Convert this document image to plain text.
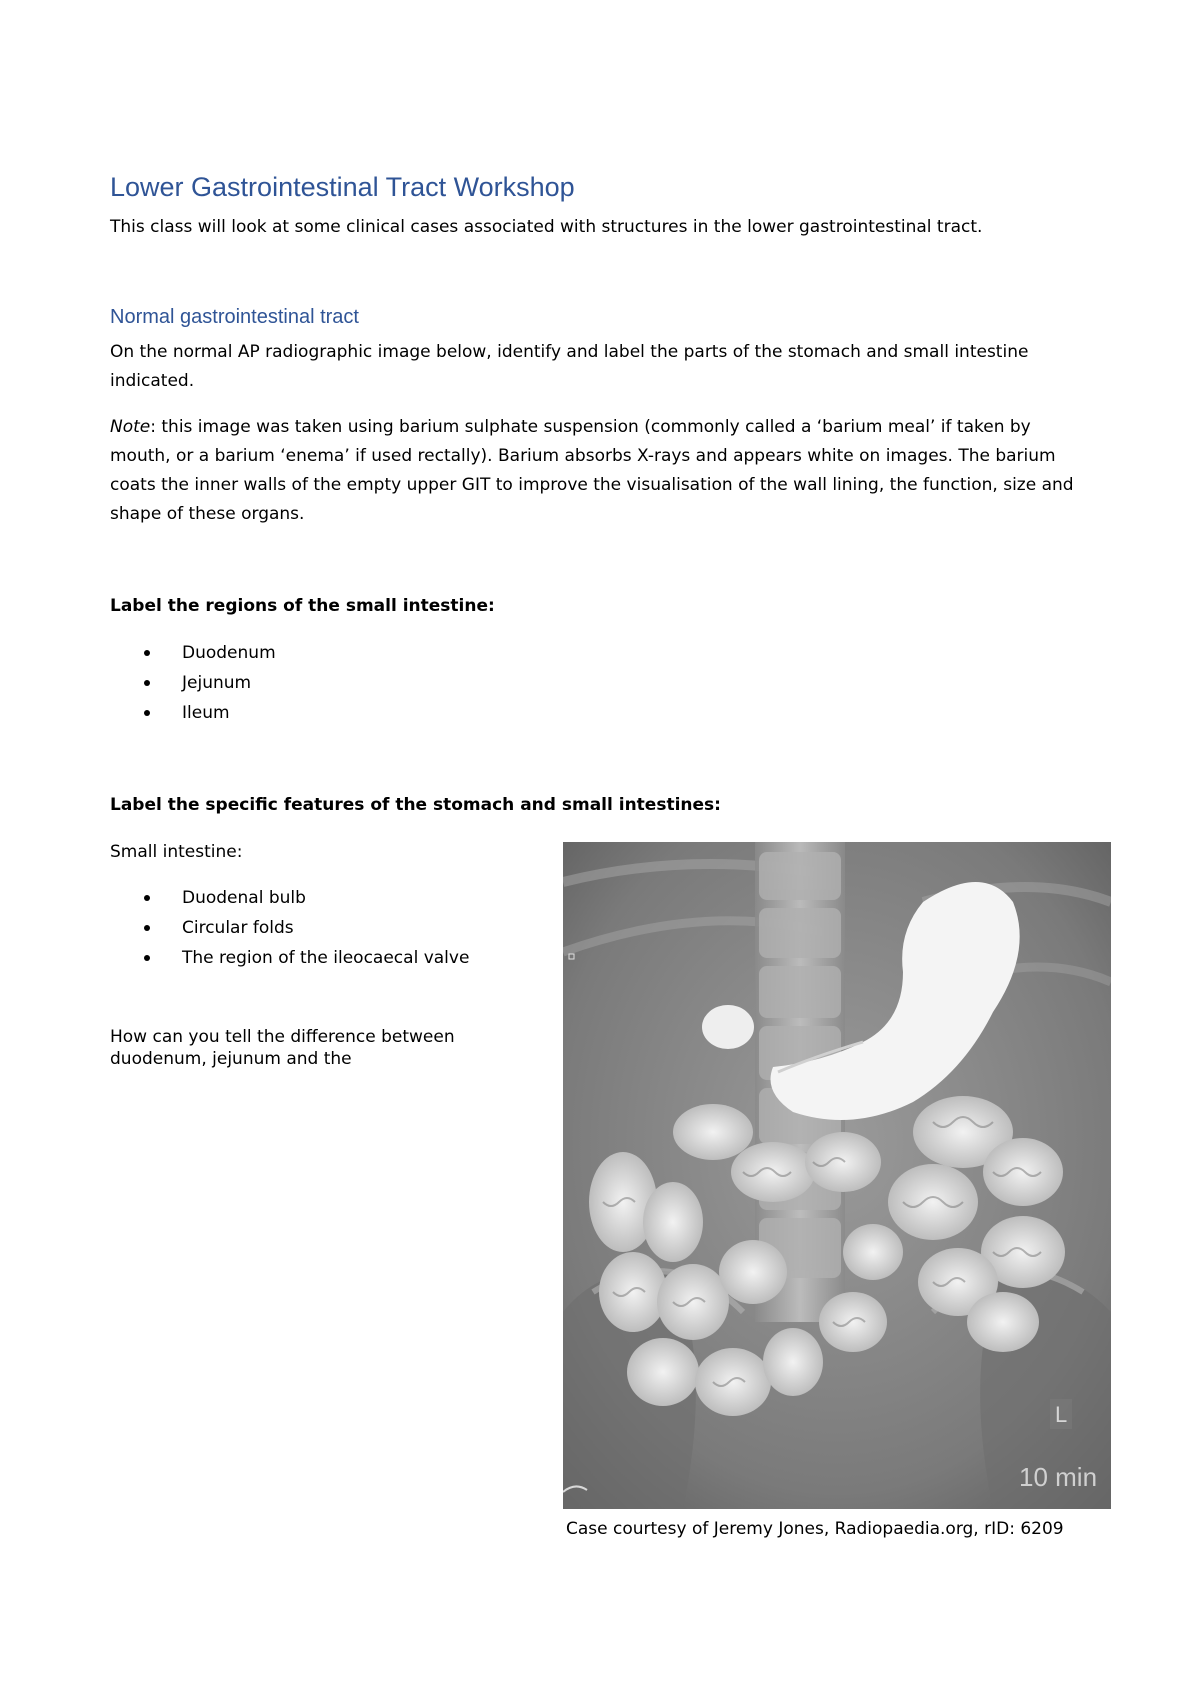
Lower Gastrointestinal Tract Workshop
This class will look at some clinical cases associated with structures in the lower gastrointestinal tract.
Normal gastrointestinal tract
On the normal AP radiographic image below, identify and label the parts of the stomach and small intestine indicated.
Note: this image was taken using barium sulphate suspension (commonly called a ‘barium meal’ if taken by mouth, or a barium ‘enema’ if used rectally). Barium absorbs X-rays and appears white on images. The barium coats the inner walls of the empty upper GIT to improve the visualisation of the wall lining, the function, size and shape of these organs.
Label the regions of the small intestine:
Duodenum
Jejunum
Ileum
Label the specific features of the stomach and small intestines:
Small intestine:
Duodenal bulb
Circular folds
The region of the ileocaecal valve
How can you tell the difference between duodenum, jejunum and the
L
10 min
Case courtesy of Jeremy Jones, Radiopaedia.org, rID: 6209
